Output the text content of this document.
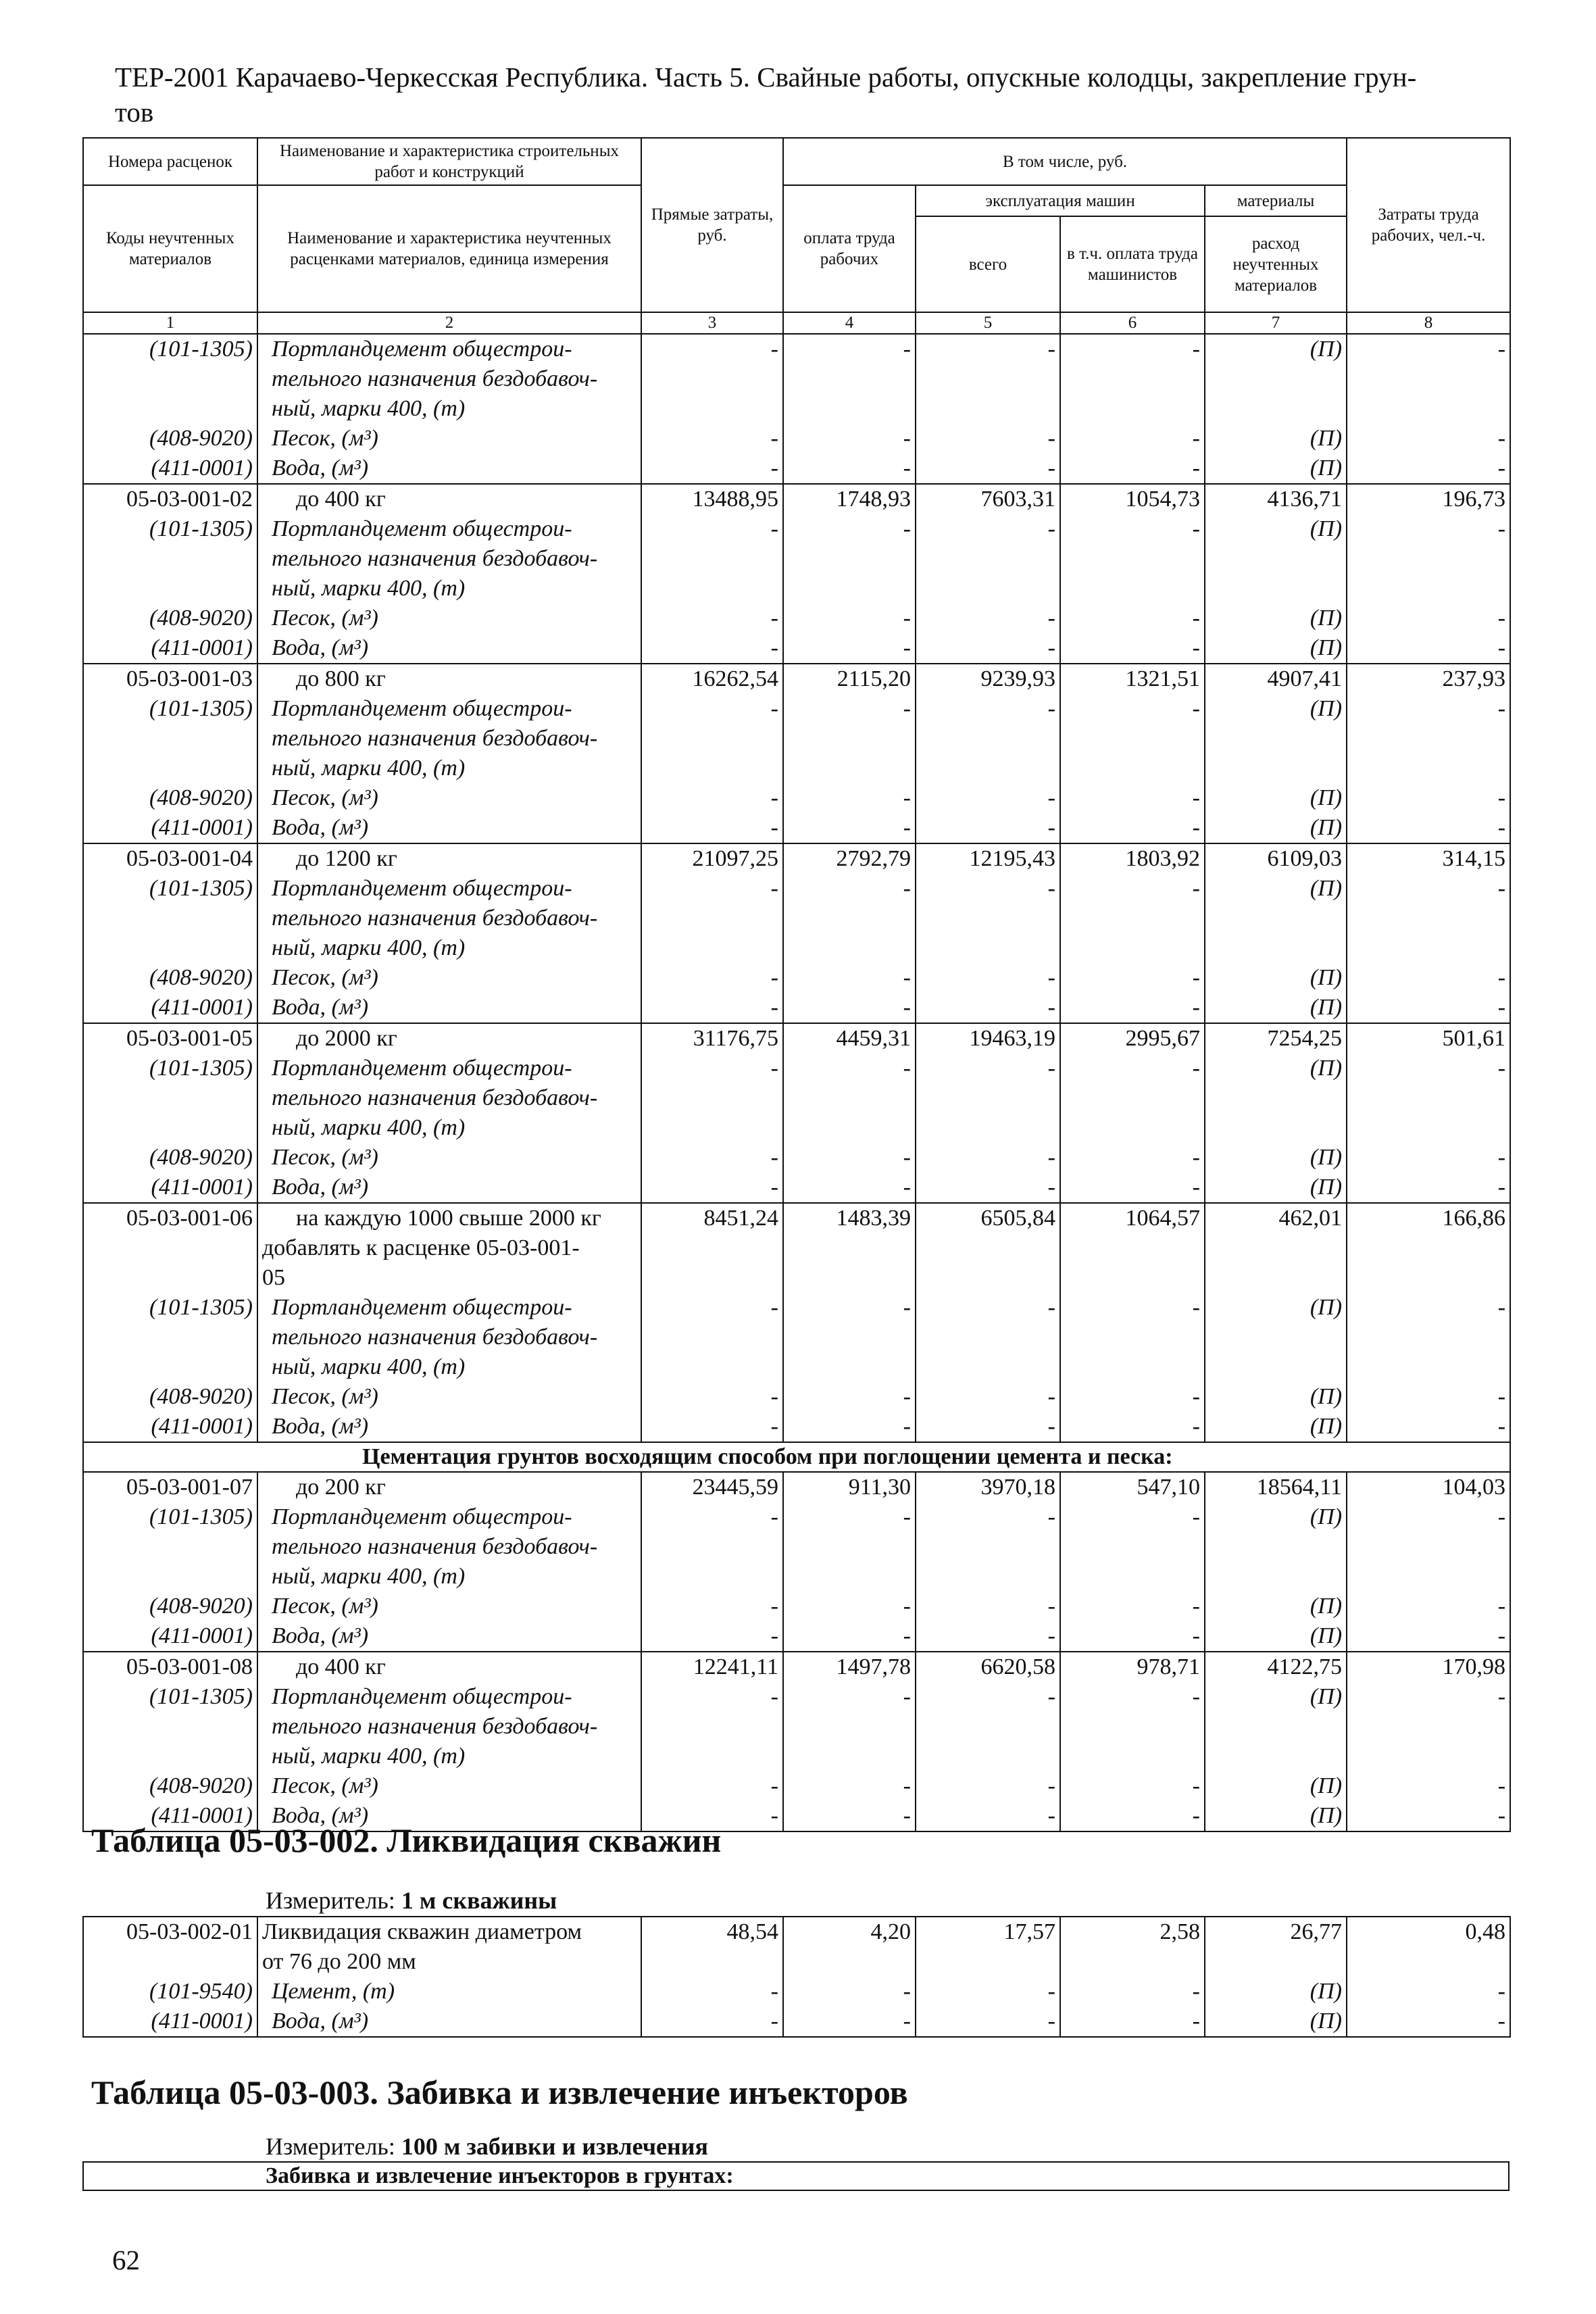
ТЕР-2001 Карачаево-Черкесская Республика. Часть 5. Свайные работы, опускные колодцы, закрепление грун-
тов
Номера расценок	Наименование и характеристика строительных работ и конструкций	Прямые затраты, руб.	В том числе, руб.				Затраты труда рабочих, чел.-ч.
Коды неучтенных материалов	Наименование и характеристика неучтенных расценками материалов, единица измерения		оплата труда рабочих	эксплуатация машин		материалы	
				всего	в т.ч. оплата труда машинистов	расход неучтенных материалов	
1	2	3	4	5	6	7	8
(101-1305)	Портландцемент общестрои-	-	-	-	-	(П)	-
	тельного назначения бездобавоч-						
	ный, марки 400, (т)						
(408-9020)	Песок, (м³)	-	-	-	-	(П)	-
(411-0001)	Вода, (м³)	-	-	-	-	(П)	-
05-03-001-02	до 400 кг	13488,95	1748,93	7603,31	1054,73	4136,71	196,73
(101-1305)	Портландцемент общестрои-	-	-	-	-	(П)	-
	тельного назначения бездобавоч-						
	ный, марки 400, (т)						
(408-9020)	Песок, (м³)	-	-	-	-	(П)	-
(411-0001)	Вода, (м³)	-	-	-	-	(П)	-
05-03-001-03	до 800 кг	16262,54	2115,20	9239,93	1321,51	4907,41	237,93
(101-1305)	Портландцемент общестрои-	-	-	-	-	(П)	-
	тельного назначения бездобавоч-						
	ный, марки 400, (т)						
(408-9020)	Песок, (м³)	-	-	-	-	(П)	-
(411-0001)	Вода, (м³)	-	-	-	-	(П)	-
05-03-001-04	до 1200 кг	21097,25	2792,79	12195,43	1803,92	6109,03	314,15
(101-1305)	Портландцемент общестрои-	-	-	-	-	(П)	-
	тельного назначения бездобавоч-						
	ный, марки 400, (т)						
(408-9020)	Песок, (м³)	-	-	-	-	(П)	-
(411-0001)	Вода, (м³)	-	-	-	-	(П)	-
05-03-001-05	до 2000 кг	31176,75	4459,31	19463,19	2995,67	7254,25	501,61
(101-1305)	Портландцемент общестрои-	-	-	-	-	(П)	-
	тельного назначения бездобавоч-						
	ный, марки 400, (т)						
(408-9020)	Песок, (м³)	-	-	-	-	(П)	-
(411-0001)	Вода, (м³)	-	-	-	-	(П)	-
05-03-001-06	на каждую 1000 свыше 2000 кг	8451,24	1483,39	6505,84	1064,57	462,01	166,86
	добавлять к расценке 05-03-001-						
	05						
(101-1305)	Портландцемент общестрои-	-	-	-	-	(П)	-
	тельного назначения бездобавоч-						
	ный, марки 400, (т)						
(408-9020)	Песок, (м³)	-	-	-	-	(П)	-
(411-0001)	Вода, (м³)	-	-	-	-	(П)	-
Цементация грунтов восходящим способом при поглощении цемента и песка:							
05-03-001-07	до 200 кг	23445,59	911,30	3970,18	547,10	18564,11	104,03
(101-1305)	Портландцемент общестрои-	-	-	-	-	(П)	-
	тельного назначения бездобавоч-						
	ный, марки 400, (т)						
(408-9020)	Песок, (м³)	-	-	-	-	(П)	-
(411-0001)	Вода, (м³)	-	-	-	-	(П)	-
05-03-001-08	до 400 кг	12241,11	1497,78	6620,58	978,71	4122,75	170,98
(101-1305)	Портландцемент общестрои-	-	-	-	-	(П)	-
	тельного назначения бездобавоч-						
	ный, марки 400, (т)						
(408-9020)	Песок, (м³)	-	-	-	-	(П)	-
(411-0001)	Вода, (м³)	-	-	-	-	(П)	-
Таблица 05-03-002. Ликвидация скважин
Измеритель: 1 м скважины
05-03-002-01	Ликвидация скважин диаметром	48,54	4,20	17,57	2,58	26,77	0,48
	от 76 до 200 мм						
(101-9540)	Цемент, (т)	-	-	-	-	(П)	-
(411-0001)	Вода, (м³)	-	-	-	-	(П)	-
Таблица 05-03-003. Забивка и извлечение инъекторов
Измеритель: 100 м забивки и извлечения
Забивка и извлечение инъекторов в грунтах:
62
